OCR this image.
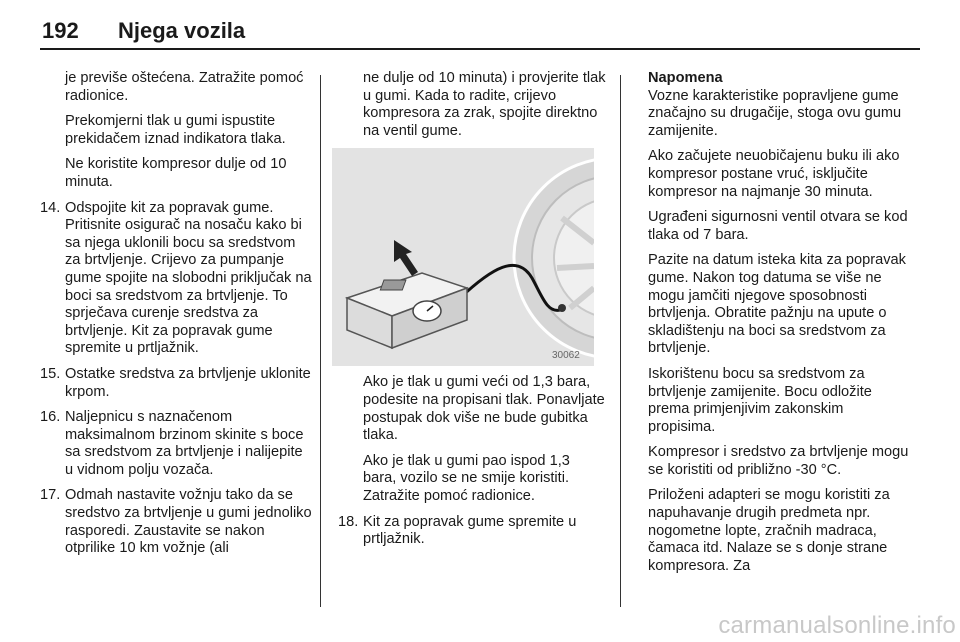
192 Njega vozila

je previše oštećena. Zatražite pomoć radionice.

Prekomjerni tlak u gumi ispustite prekidačem iznad indikatora tlaka.

Ne koristite kompresor dulje od 10 minuta.

14. Odspojite kit za popravak gume. Pritisnite osigurač na nosaču kako bi sa njega uklonili bocu sa sredstvom za brtvljenje. Crijevo za pumpanje gume spojite na slobodni priključak na boci sa sredstvom za brtvljenje. To sprječava curenje sredstva za brtvljenje. Kit za popravak gume spremite u prtljažnik.
15. Ostatke sredstva za brtvljenje uklonite krpom.
16. Naljepnicu s naznačenom maksimalnom brzinom skinite s boce sa sredstvom za brtvljenje i nalijepite u vidnom polju vozača.
17. Odmah nastavite vožnju tako da se sredstvo za brtvljenje u gumi jednoliko rasporedi. Zaustavite se nakon otprilike 10 km vožnje (ali

ne dulje od 10 minuta) i provjerite tlak u gumi. Kada to radite, crijevo kompresora za zrak, spojite direktno na ventil gume.

30062

Ako je tlak u gumi veći od 1,3 bara, podesite na propisani tlak. Ponavljate postupak dok više ne bude gubitka tlaka.

Ako je tlak u gumi pao ispod 1,3 bara, vozilo se ne smije koristiti. Zatražite pomoć radionice.

18. Kit za popravak gume spremite u prtljažnik.

Napomena
Vozne karakteristike popravljene gume značajno su drugačije, stoga ovu gumu zamijenite.

Ako začujete neuobičajenu buku ili ako kompresor postane vruć, isključite kompresor na najmanje 30 minuta.

Ugrađeni sigurnosni ventil otvara se kod tlaka od 7 bara.

Pazite na datum isteka kita za popravak gume. Nakon tog datuma se više ne mogu jamčiti njegove sposobnosti brtvljenja. Obratite pažnju na upute o skladištenju na boci sa sredstvom za brtvljenje.

Iskorištenu bocu sa sredstvom za brtvljenje zamijenite. Bocu odložite prema primjenjivim zakonskim propisima.

Kompresor i sredstvo za brtvljenje mogu se koristiti od približno -30 °C.

Priloženi adapteri se mogu koristiti za napuhavanje drugih predmeta npr. nogometne lopte, zračnih madraca, čamaca itd. Nalaze se s donje strane kompresora. Za

carmanualsonline.info
